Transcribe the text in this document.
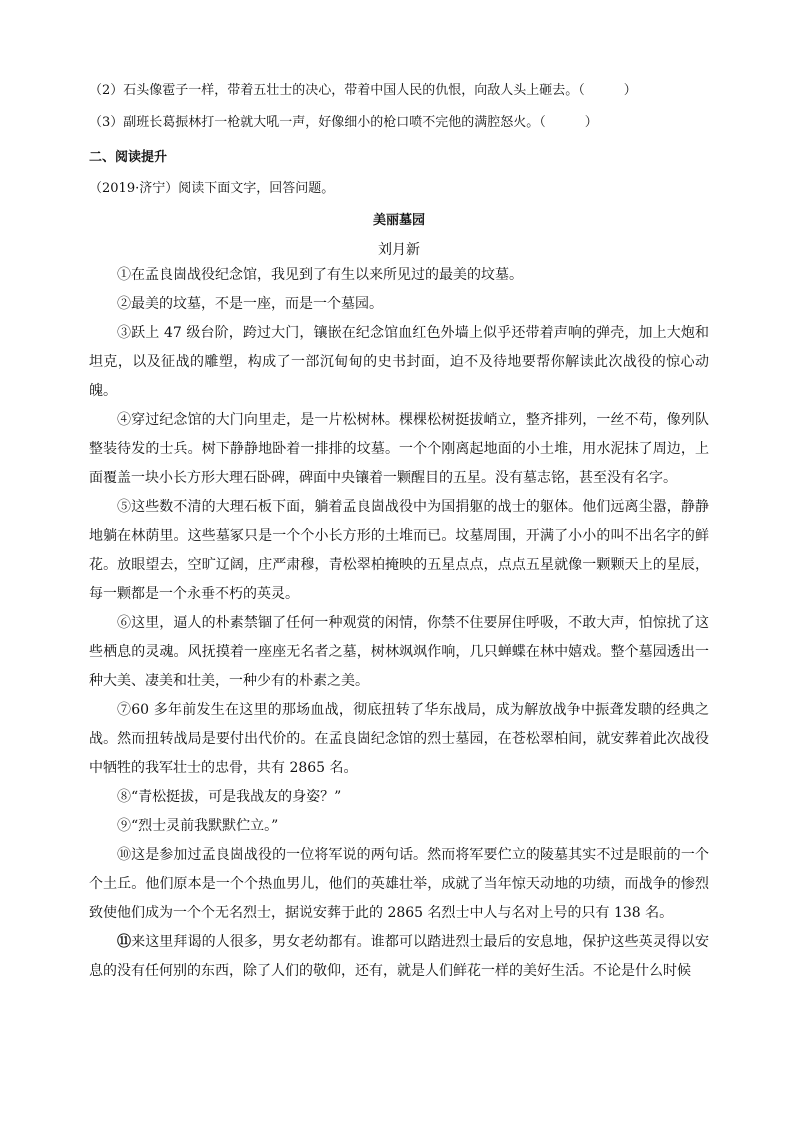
（2）石头像雹子一样，带着五壮士的决心，带着中国人民的仇恨，向敌人头上砸去。（　　　）
（3）副班长葛振林打一枪就大吼一声，好像细小的枪口喷不完他的满腔怒火。（　　　）
二、阅读提升
（2019·济宁）阅读下面文字，回答问题。
美丽墓园
刘月新
①在孟良崮战役纪念馆，我见到了有生以来所见过的最美的坟墓。
②最美的坟墓，不是一座，而是一个墓园。
③跃上 47 级台阶，跨过大门，镶嵌在纪念馆血红色外墙上似乎还带着声响的弹壳，加上大炮和坦克，以及征战的雕塑，构成了一部沉甸甸的史书封面，迫不及待地要帮你解读此次战役的惊心动魄。
④穿过纪念馆的大门向里走，是一片松树林。棵棵松树挺拔峭立，整齐排列，一丝不苟，像列队整装待发的士兵。树下静静地卧着一排排的坟墓。一个个刚离起地面的小土堆，用水泥抹了周边，上面覆盖一块小长方形大理石卧碑，碑面中央镶着一颗醒目的五星。没有墓志铭，甚至没有名字。
⑤这些数不清的大理石板下面，躺着孟良崮战役中为国捐躯的战士的躯体。他们远离尘嚣，静静地躺在林荫里。这些墓冢只是一个个小长方形的土堆而已。坟墓周围，开满了小小的叫不出名字的鲜花。放眼望去，空旷辽阔，庄严肃穆，青松翠柏掩映的五星点点，点点五星就像一颗颗天上的星辰，每一颗都是一个永垂不朽的英灵。
⑥这里，逼人的朴素禁锢了任何一种观赏的闲情，你禁不住要屏住呼吸，不敢大声，怕惊扰了这些栖息的灵魂。风抚摸着一座座无名者之墓，树林飒飒作响，几只蝉蝶在林中嬉戏。整个墓园透出一种大美、凄美和壮美，一种少有的朴素之美。
⑦60 多年前发生在这里的那场血战，彻底扭转了华东战局，成为解放战争中振聋发聩的经典之战。然而扭转战局是要付出代价的。在孟良崮纪念馆的烈士墓园，在苍松翠柏间，就安葬着此次战役中牺牲的我军壮士的忠骨，共有 2865 名。
⑧“青松挺拔，可是我战友的身姿？”
⑨“烈士灵前我默默伫立。”
⑩这是参加过孟良崮战役的一位将军说的两句话。然而将军要伫立的陵墓其实不过是眼前的一个个土丘。他们原本是一个个热血男儿，他们的英雄壮举，成就了当年惊天动地的功绩，而战争的惨烈致使他们成为一个个无名烈士，据说安葬于此的 2865 名烈士中人与名对上号的只有 138 名。
⑪来这里拜谒的人很多，男女老幼都有。谁都可以踏进烈士最后的安息地，保护这些英灵得以安息的没有任何别的东西，除了人们的敬仰，还有，就是人们鲜花一样的美好生活。不论是什么时候
